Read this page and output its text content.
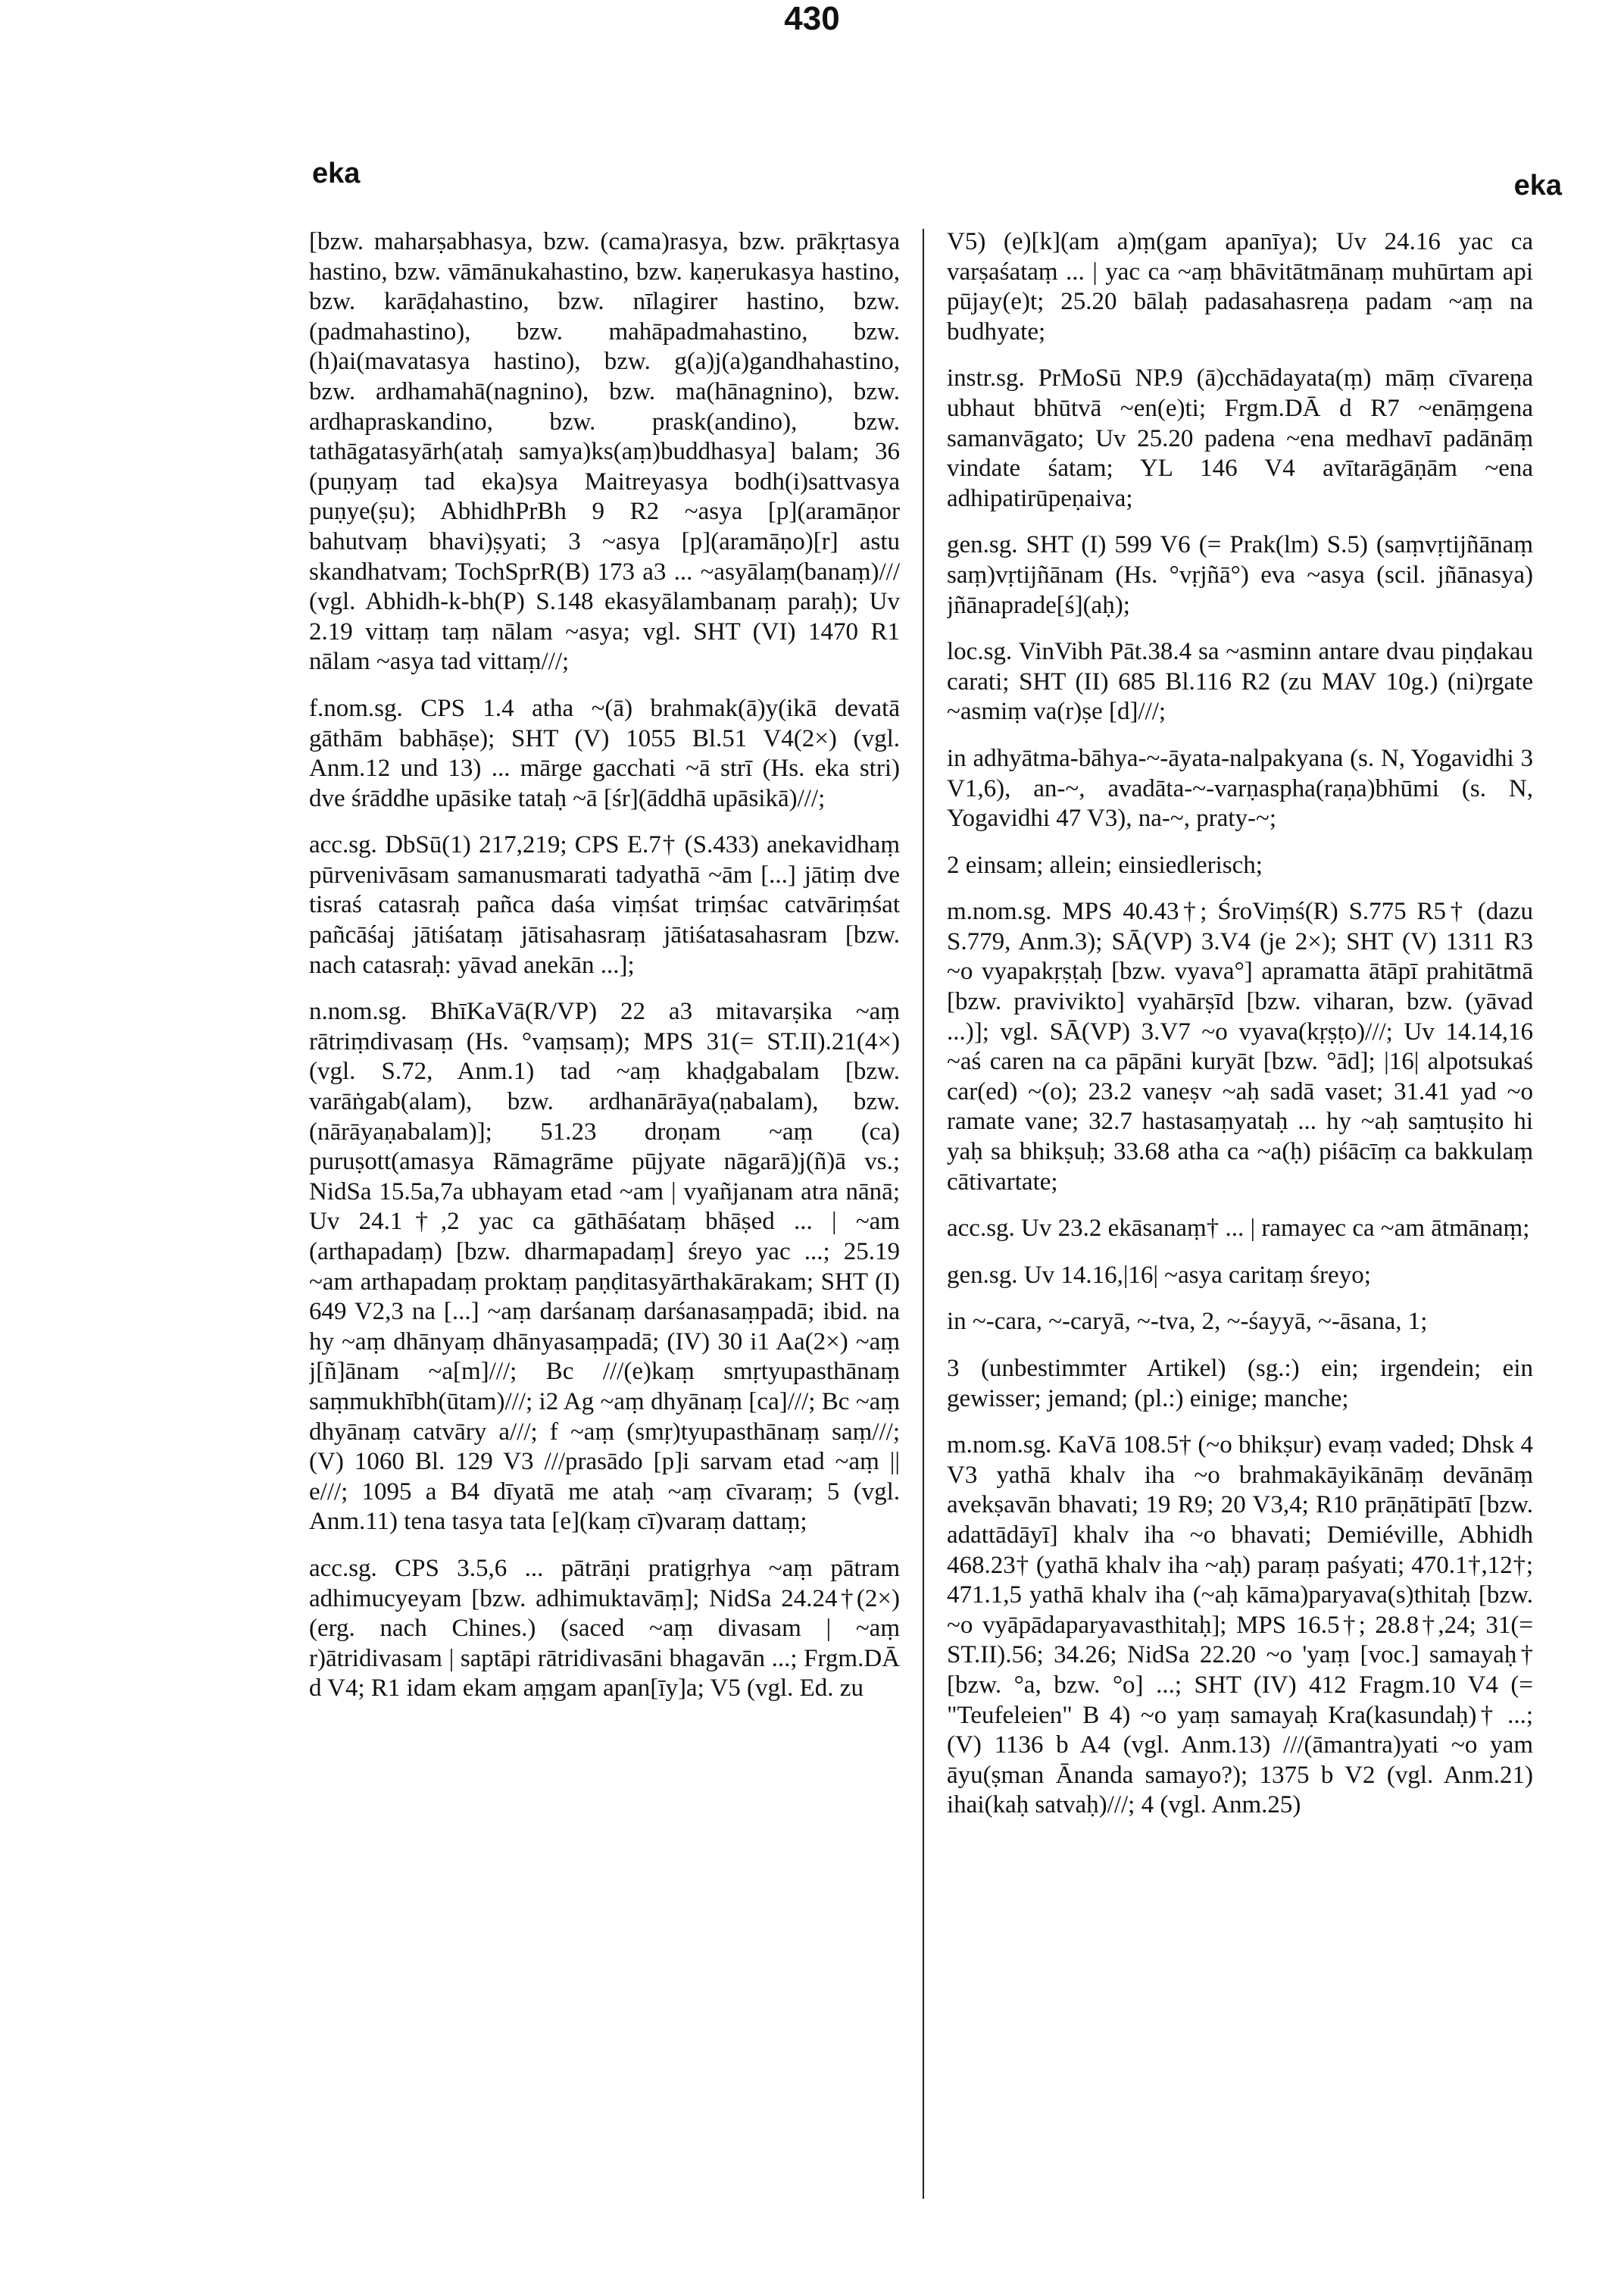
eka
430
eka

[bzw. maharṣabhasya, bzw. (cama)rasya, bzw. prākṛtasya hastino, bzw. vāmānukahastino, bzw. kaṇerukasya hastino, bzw. karāḍahastino, bzw. nīlagirer hastino, bzw. (padmahastino), bzw. mahāpadmahastino, bzw. (h)ai(mavatasya hastino), bzw. g(a)j(a)gandhahastino, bzw. ardhamahā(nagnino), bzw. ma(hānagnino), bzw. ardhapraskandino, bzw. prask(andino), bzw. tathāgatasyārh(ataḥ samya)ks(aṃ)buddhasya] balam; 36 (puṇyaṃ tad eka)sya Maitreyasya bodh(i)sattvasya puṇye(ṣu); AbhidhPrBh 9 R2 ~asya [p](aramāṇor bahutvaṃ bhavi)ṣyati; 3 ~asya [p](aramāṇo)[r] astu skandhatvam; TochSprR(B) 173 a3 ... ~asyālaṃ(banaṃ)/// (vgl. Abhidh-k-bh(P) S.148 ekasyālambanaṃ paraḥ); Uv 2.19 vittaṃ taṃ nālam ~asya; vgl. SHT (VI) 1470 R1 nālam ~asya tad vittaṃ///;

f.nom.sg. CPS 1.4 atha ~(ā) brahmak(ā)y(ikā devatā gāthām babhāṣe); SHT (V) 1055 Bl.51 V4(2×) (vgl. Anm.12 und 13) ... mārge gacchati ~ā strī (Hs. eka stri) dve śrāddhe upāsike tataḥ ~ā [śr](āddhā upāsikā)///;

acc.sg. DbSū(1) 217,219; CPS E.7† (S.433) anekavidhaṃ pūrvenivāsam samanusmarati tadyathā ~ām [...] jātiṃ dve tisraś catasraḥ pañca daśa viṃśat triṃśac catvāriṃśat pañcāśaj jātiśataṃ jātisahasraṃ jātiśatasahasram [bzw. nach catasraḥ: yāvad anekān ...];

n.nom.sg. BhīKaVā(R/VP) 22 a3 mitavarṣika ~aṃ rātriṃdivasaṃ (Hs. °vaṃsaṃ); MPS 31(= ST.II).21(4×) (vgl. S.72, Anm.1) tad ~aṃ khaḍgabalam [bzw. varāṅgab(alam), bzw. ardhanārāya(ṇabalam), bzw. (nārāyaṇabalam)]; 51.23 droṇam ~aṃ (ca) puruṣott(amasya Rāmagrāme pūjyate nāgarā)j(ñ)ā vs.; NidSa 15.5a,7a ubhayam etad ~am | vyañjanam atra nānā; Uv 24.1†,2 yac ca gāthāśataṃ bhāṣed ... | ~am (arthapadaṃ) [bzw. dharmapadaṃ] śreyo yac ...; 25.19 ~am arthapadaṃ proktaṃ paṇḍitasyārthakārakam; SHT (I) 649 V2,3 na [...] ~aṃ darśanaṃ darśanasaṃpadā; ibid. na hy ~aṃ dhānyaṃ dhānyasaṃpadā; (IV) 30 i1 Aa(2×) ~aṃ j[ñ]ānam ~a[m]///; Bc ///(e)kaṃ smṛtyupasthānaṃ saṃmukhībh(ūtam)///; i2 Ag ~aṃ dhyānaṃ [ca]///; Bc ~aṃ dhyānaṃ catvāry a///; f ~aṃ (smṛ)tyupasthānaṃ saṃ///; (V) 1060 Bl. 129 V3 ///prasādo [p]i sarvam etad ~aṃ || e///; 1095 a B4 dīyatā me ataḥ ~aṃ cīvaraṃ; 5 (vgl. Anm.11) tena tasya tata [e](kaṃ cī)varaṃ dattaṃ;

acc.sg. CPS 3.5,6 ... pātrāṇi pratigṛhya ~aṃ pātram adhimucyeyam [bzw. adhimuktavāṃ]; NidSa 24.24†(2×) (erg. nach Chines.) (saced ~aṃ divasam | ~aṃ r)ātridivasam | saptāpi rātridivasāni bhagavān ...; Frgm.DĀ d V4; R1 idam ekam aṃgam apan[īy]a; V5 (vgl. Ed. zu

V5) (e)[k](am a)ṃ(gam apanīya); Uv 24.16 yac ca varṣaśataṃ ... | yac ca ~aṃ bhāvitātmānaṃ muhūrtam api pūjay(e)t; 25.20 bālaḥ padasahasreṇa padam ~aṃ na budhyate;

instr.sg. PrMoSū NP.9 (ā)cchādayata(ṃ) māṃ cīvareṇa ubhaut bhūtvā ~en(e)ti; Frgm.DĀ d R7 ~enāṃgena samanvāgato; Uv 25.20 padena ~ena medhavī padānāṃ vindate śatam; YL 146 V4 avītarāgāṇām ~ena adhipatirūpeṇaiva;

gen.sg. SHT (I) 599 V6 (= Prak(lm) S.5) (saṃvṛtijñānaṃ saṃ)vṛtijñānam (Hs. °vṛjñā°) eva ~asya (scil. jñānasya) jñānaprade[ś](aḥ);

loc.sg. VinVibh Pāt.38.4 sa ~asminn antare dvau piṇḍakau carati; SHT (II) 685 Bl.116 R2 (zu MAV 10g.) (ni)rgate ~asmiṃ va(r)ṣe [d]///;

in adhyātma-bāhya-~-āyata-nalpakyana (s. N, Yogavidhi 3 V1,6), an-~, avadāta-~-varṇaspha(raṇa)bhūmi (s. N, Yogavidhi 47 V3), na-~, praty-~;

2 einsam; allein; einsiedlerisch;

m.nom.sg. MPS 40.43†; ŚroViṃś(R) S.775 R5† (dazu S.779, Anm.3); SĀ(VP) 3.V4 (je 2×); SHT (V) 1311 R3 ~o vyapakṛṣṭaḥ [bzw. vyava°] apramatta ātāpī prahitātmā [bzw. pravivikto] vyahārṣīd [bzw. viharan, bzw. (yāvad ...)]; vgl. SĀ(VP) 3.V7 ~o vyava(kṛṣṭo)///; Uv 14.14,16 ~aś caren na ca pāpāni kuryāt [bzw. °ād]; |16| alpotsukaś car(ed) ~(o); 23.2 vaneṣv ~aḥ sadā vaset; 31.41 yad ~o ramate vane; 32.7 hastasaṃyataḥ ... hy ~aḥ saṃtuṣito hi yaḥ sa bhikṣuḥ; 33.68 atha ca ~a(ḥ) piśācīṃ ca bakkulaṃ cātivartate;

acc.sg. Uv 23.2 ekāsanaṃ† ... | ramayec ca ~am ātmānaṃ;

gen.sg. Uv 14.16,|16| ~asya caritaṃ śreyo;

in ~-cara, ~-caryā, ~-tva, 2, ~-śayyā, ~-āsana, 1;

3 (unbestimmter Artikel) (sg.:) ein; irgendein; ein gewisser; jemand; (pl.:) einige; manche;

m.nom.sg. KaVā 108.5† (~o bhikṣur) evaṃ vaded; Dhsk 4 V3 yathā khalv iha ~o brahmakāyikānāṃ devānāṃ avekṣavān bhavati; 19 R9; 20 V3,4; R10 prāṇātipātī [bzw. adattādāyī] khalv iha ~o bhavati; Demiéville, Abhidh 468.23† (yathā khalv iha ~aḥ) paraṃ paśyati; 470.1†,12†; 471.1,5 yathā khalv iha (~aḥ kāma)paryava(s)thitaḥ [bzw. ~o vyāpādaparyavasthitaḥ]; MPS 16.5†; 28.8†,24; 31(= ST.II).56; 34.26; NidSa 22.20 ~o 'yaṃ [voc.] samayaḥ† [bzw. °a, bzw. °o] ...; SHT (IV) 412 Fragm.10 V4 (= "Teufeleien" B 4) ~o yaṃ samayaḥ Kra(kasundaḥ)† ...; (V) 1136 b A4 (vgl. Anm.13) ///(āmantra)yati ~o yam āyu(ṣman Ānanda samayo?); 1375 b V2 (vgl. Anm.21) ihai(kaḥ satvaḥ)///; 4 (vgl. Anm.25)
